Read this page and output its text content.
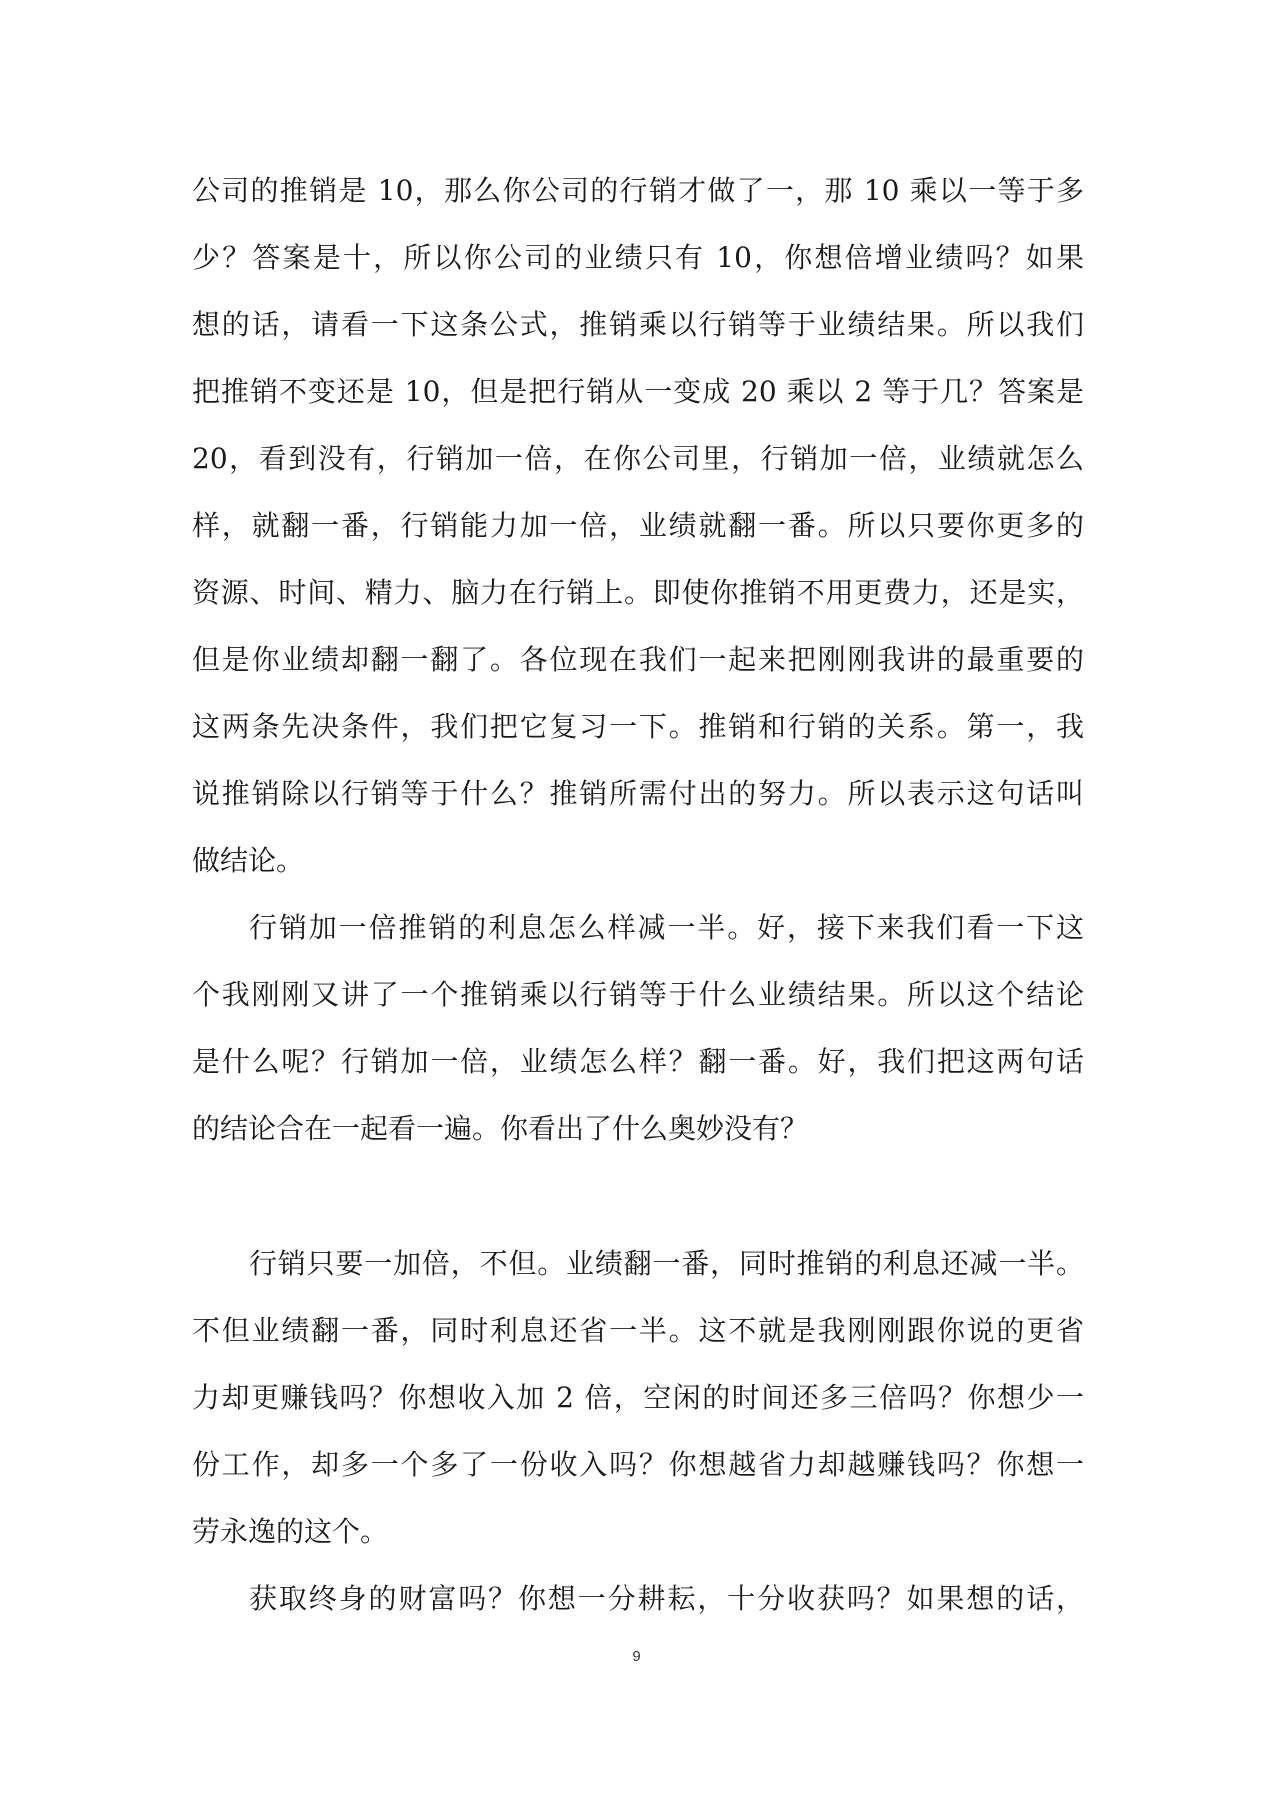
公司的推销是 10，那么你公司的行销才做了一，那 10 乘以一等于多
少？答案是十，所以你公司的业绩只有 10，你想倍增业绩吗？如果
想的话，请看一下这条公式，推销乘以行销等于业绩结果。所以我们
把推销不变还是 10，但是把行销从一变成 20 乘以 2 等于几？答案是
20，看到没有，行销加一倍，在你公司里，行销加一倍，业绩就怎么
样，就翻一番，行销能力加一倍，业绩就翻一番。所以只要你更多的
资源、时间、精力、脑力在行销上。即使你推销不用更费力，还是实，
但是你业绩却翻一翻了。各位现在我们一起来把刚刚我讲的最重要的
这两条先决条件，我们把它复习一下。推销和行销的关系。第一，我
说推销除以行销等于什么？推销所需付出的努力。所以表示这句话叫
做结论。
行销加一倍推销的利息怎么样减一半。好，接下来我们看一下这
个我刚刚又讲了一个推销乘以行销等于什么业绩结果。所以这个结论
是什么呢？行销加一倍，业绩怎么样？翻一番。好，我们把这两句话
的结论合在一起看一遍。你看出了什么奥妙没有？
行销只要一加倍，不但。业绩翻一番，同时推销的利息还减一半。
不但业绩翻一番，同时利息还省一半。这不就是我刚刚跟你说的更省
力却更赚钱吗？你想收入加 2 倍，空闲的时间还多三倍吗？你想少一
份工作，却多一个多了一份收入吗？你想越省力却越赚钱吗？你想一
劳永逸的这个。
获取终身的财富吗？你想一分耕耘，十分收获吗？如果想的话，
9
